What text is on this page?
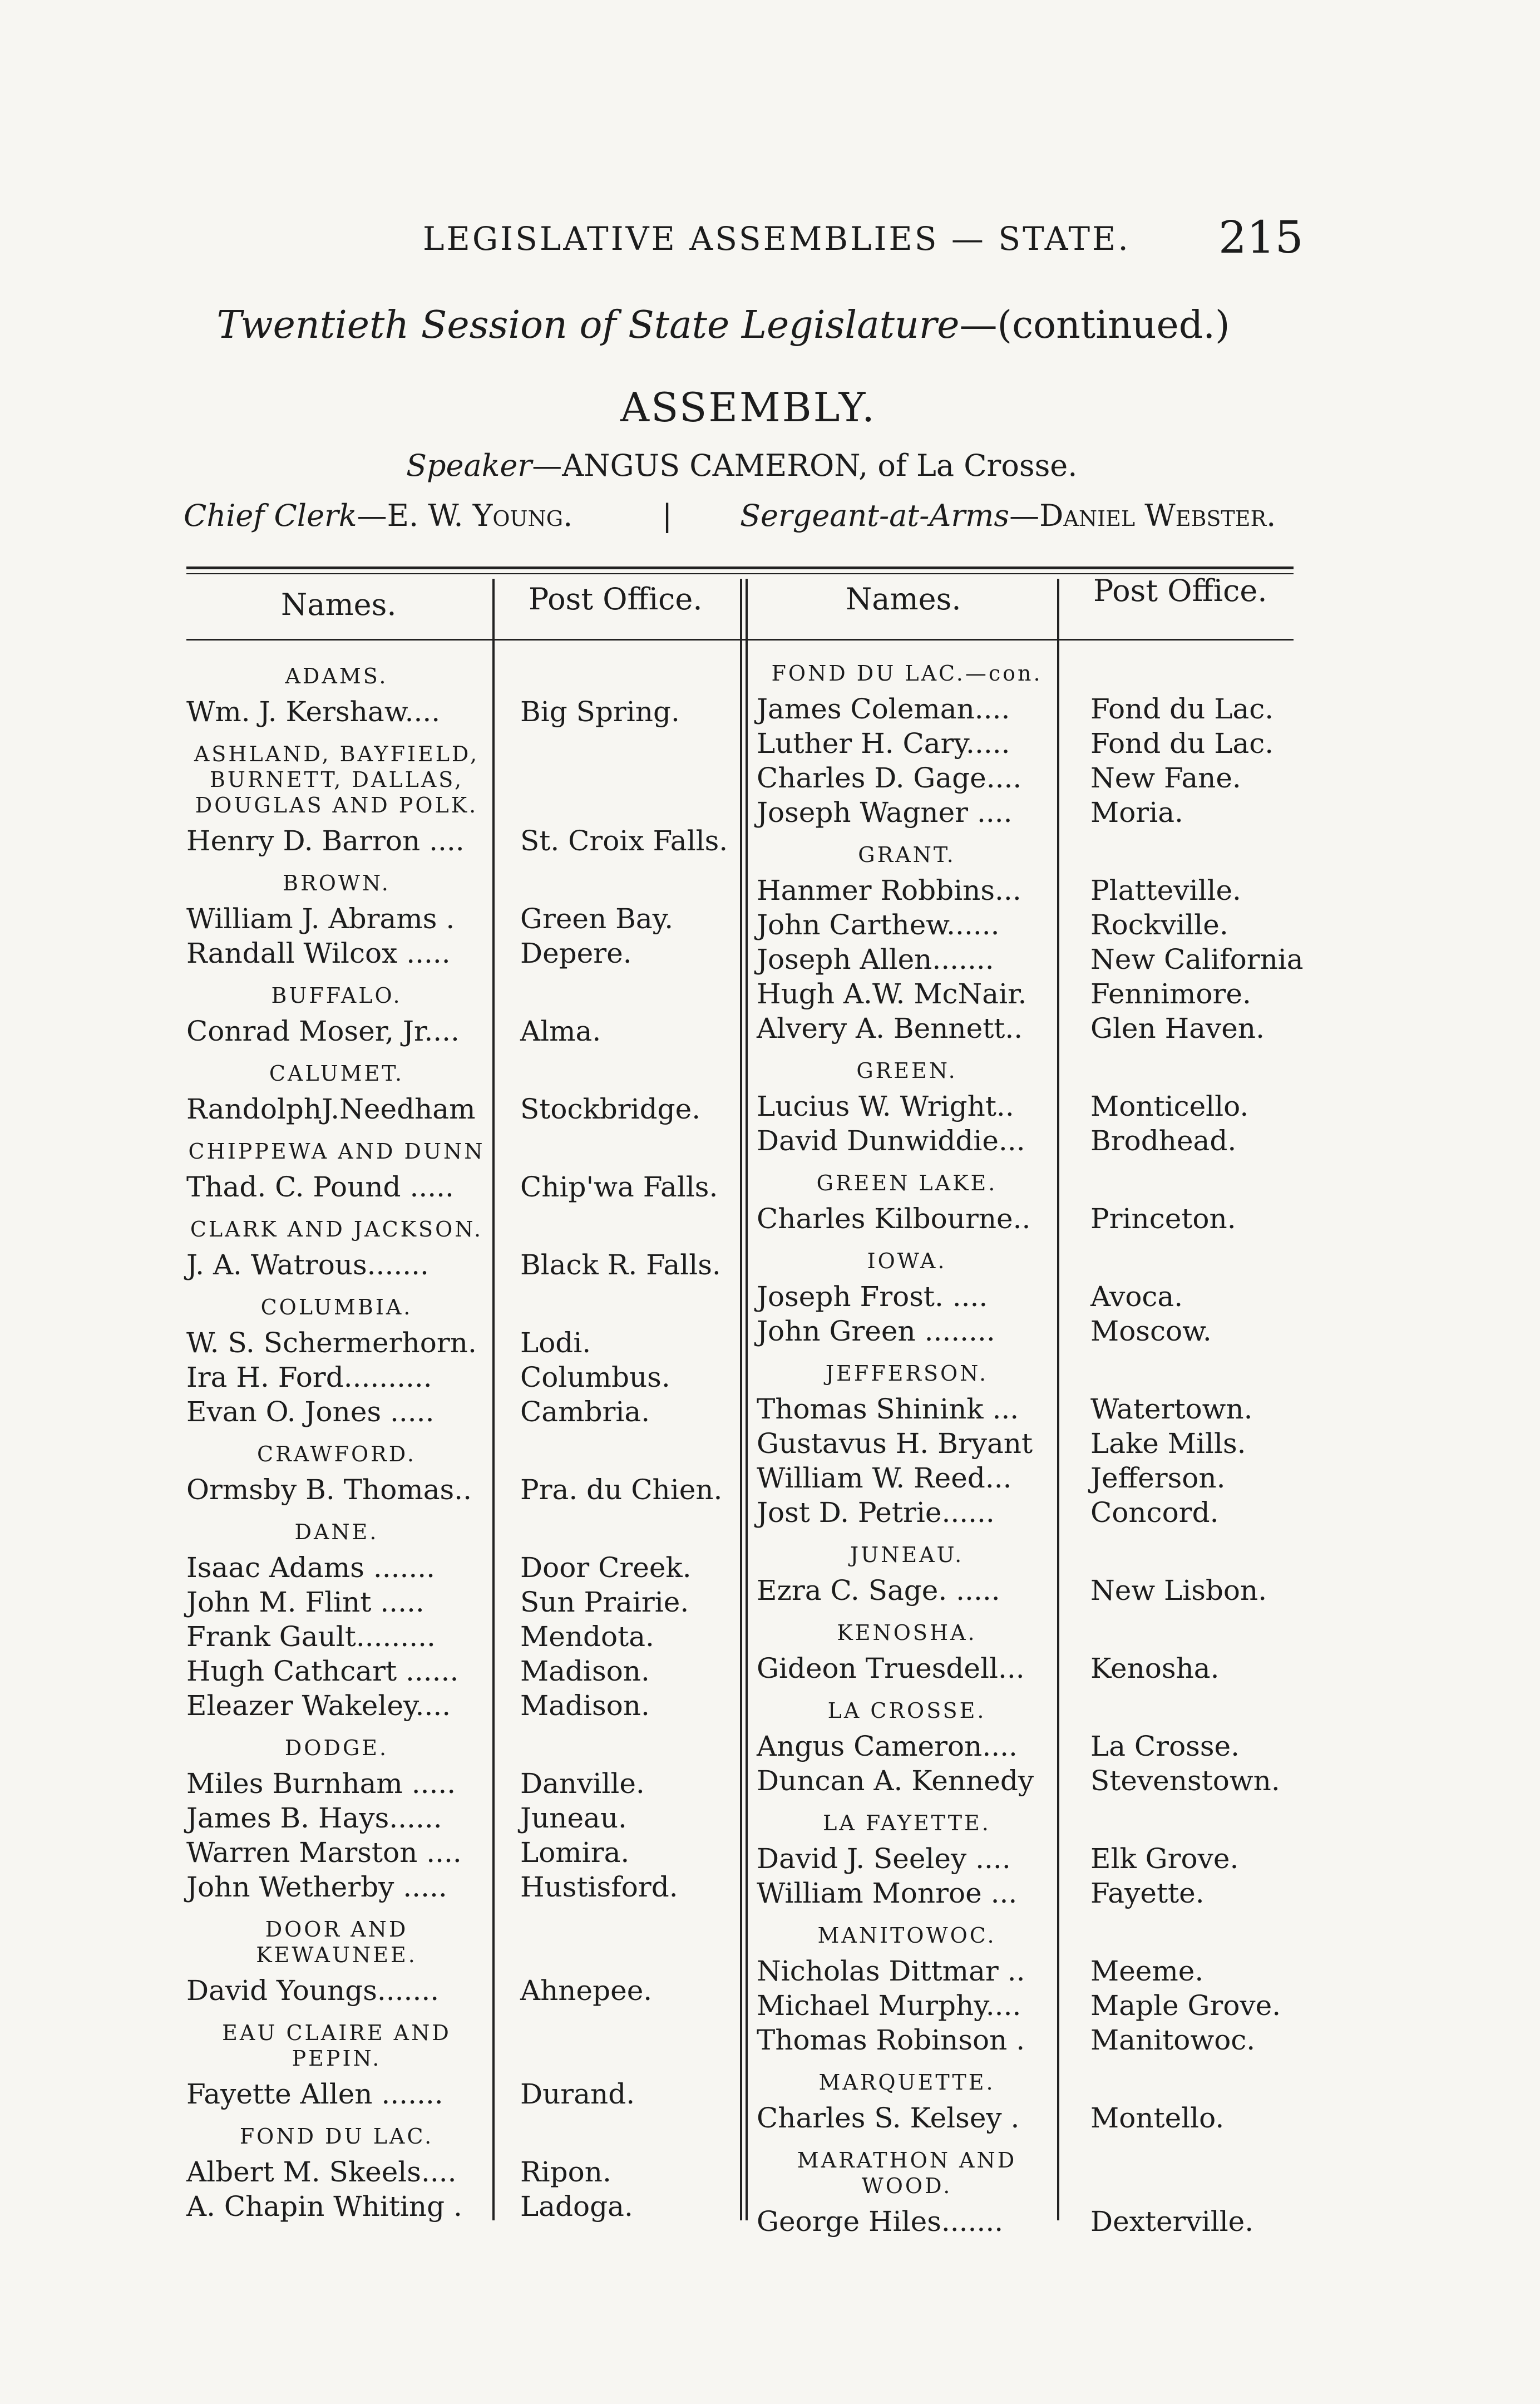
LEGISLATIVE ASSEMBLIES — STATE. 215
Twentieth Session of State Legislature—(continued.)
ASSEMBLY.
Speaker—ANGUS CAMERON, of La Crosse.
Chief Clerk—E. W. Young.	| Sergeant-at-Arms—Daniel Webster.
Names.	Post Office.	Names.	Post Office.
ADAMS.
Wm. J. Kershaw....	Big Spring.
ASHLAND, BAYFIELD, BURNETT, DALLAS, DOUGLAS AND POLK.
Henry D. Barron .... St. Croix Falls.
BROWN.
William J. Abrams . Green Bay.
Randall Wilcox .....	Depere.
BUFFALO.
Conrad Moser, Jr.... Alma.
CALUMET.
RandolphJ.Needham Stockbridge.
CHIPPEWA AND DUNN
Thad. C. Pound ..... Chip'wa Falls.
CLARK AND JACKSON.
J. A. Watrous.......	Black R. Falls.
COLUMBIA.
W. S. Schermerhorn. Lodi.
Ira H. Ford..........	Columbus.
Evan O. Jones .....	Cambria.
CRAWFORD.
Ormsby B. Thomas.. Pra. du Chien.
DANE.
Isaac Adams .......	Door Creek.
John M. Flint .....	Sun Prairie.
Frank Gault.........	Mendota.
Hugh Cathcart ...... Madison.
Eleazer Wakeley.... Madison.
DODGE.
Miles Burnham ..... Danville.
James B. Hays......	Juneau.
Warren Marston .... Lomira.
John Wetherby .....	Hustisford.
DOOR AND KEWAUNEE.
David Youngs.......	Ahnepee.
EAU CLAIRE AND PEPIN.
Fayette Allen .......	Durand.
FOND DU LAC.
Albert M. Skeels.... Ripon.
A. Chapin Whiting . Ladoga.
FOND DU LAC.—con.
James Coleman....	Fond du Lac.
Luther H. Cary.....	Fond du Lac.
Charles D. Gage.... New Fane.
Joseph Wagner ....	Moria.
GRANT.
Hanmer Robbins... Platteville.
John Carthew......	Rockville.
Joseph Allen.......	New California
Hugh A.W. McNair. Fennimore.
Alvery A. Bennett.. Glen Haven.
GREEN.
Lucius W. Wright..	Monticello.
David Dunwiddie... Brodhead.
GREEN LAKE.
Charles Kilbourne.. Princeton.
IOWA.
Joseph Frost. ....	Avoca.
John Green ........	Moscow.
JEFFERSON.
Thomas Shinink ...	Watertown.
Gustavus H. Bryant Lake Mills.
William W. Reed...	Jefferson.
Jost D. Petrie......	Concord.
JUNEAU.
Ezra C. Sage. .....	New Lisbon.
KENOSHA.
Gideon Truesdell... Kenosha.
LA CROSSE.
Angus Cameron....	La Crosse.
Duncan A. Kennedy Stevenstown.
LA FAYETTE.
David J. Seeley ....	Elk Grove.
William Monroe ...	Fayette.
MANITOWOC.
Nicholas Dittmar .. Meeme.
Michael Murphy.... Maple Grove.
Thomas Robinson . Manitowoc.
MARQUETTE.
Charles S. Kelsey .	Montello.
MARATHON AND WOOD.
George Hiles.......	Dexterville.
